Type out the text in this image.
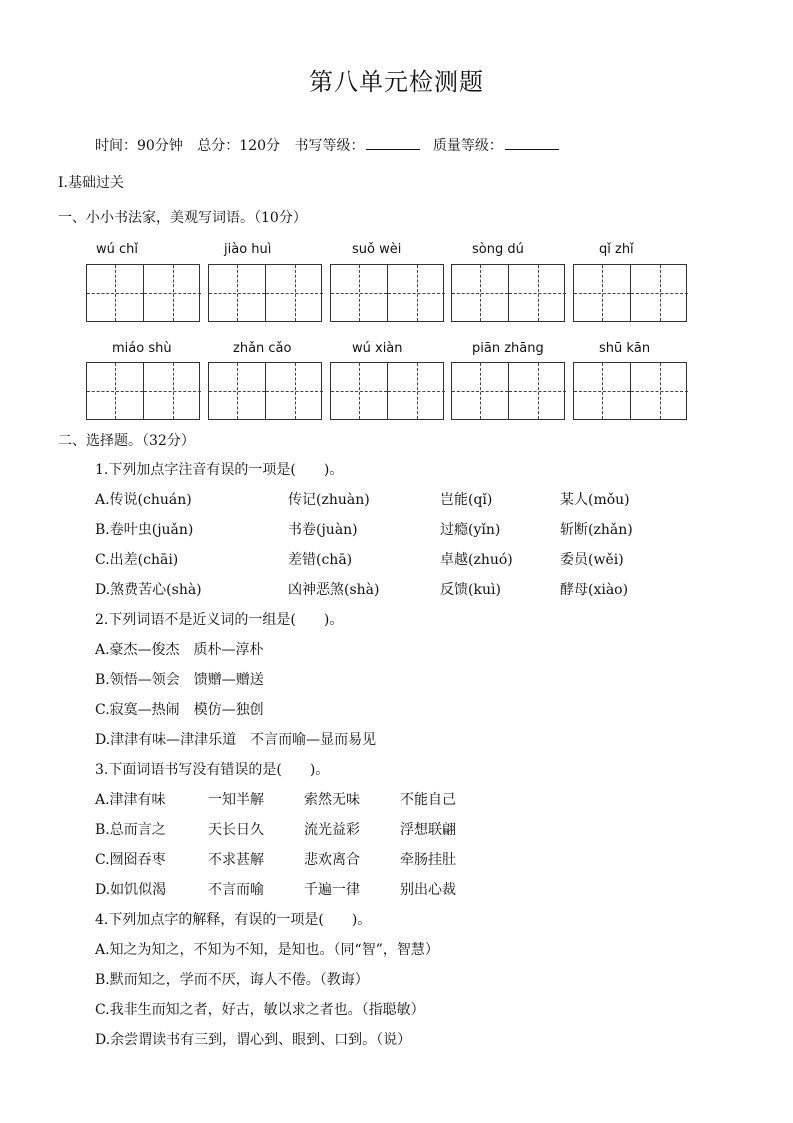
第八单元检测题
时间：90分钟 总分：120分 书写等级：	质量等级：
Ⅰ.基础过关
一、小小书法家，美观写词语。（10分）
wú chǐ	jiào huì	suǒ wèi	sòng dú	qǐ zhǐ
miáo shù	zhǎn cǎo	wú xiàn	piān zhāng	shū kān
二、选择题。（32分）
1.下列加点字注音有误的一项是(　　)。
A.传说(chuán)	传记(zhuàn)	岂能(qǐ)	某人(mǒu)
B.卷叶虫(juǎn)	书卷(juàn)	过瘾(yǐn)	斩断(zhǎn)
C.出差(chāi)	差错(chā)	卓越(zhuó)	委员(wěi)
D.煞费苦心(shà)	凶神恶煞(shà)	反馈(kuì)	酵母(xiào)
2.下列词语不是近义词的一组是(　　)。
A.豪杰—俊杰　质朴—淳朴
B.领悟—领会　馈赠—赠送
C.寂寞—热闹　模仿—独创
D.津津有味—津津乐道　不言而喻—显而易见
3.下面词语书写没有错误的是(　　)。
A.津津有味	一知半解	索然无味	不能自己
B.总而言之	天长日久	流光益彩	浮想联翩
C.囫囵吞枣	不求甚解	悲欢离合	牵肠挂肚
D.如饥似渴	不言而喻	千遍一律	别出心裁
4.下列加点字的解释，有误的一项是(　　)。
A.知之为知之，不知为不知，是知也。（同“智”，智慧）
B.默而知之，学而不厌，诲人不倦。（教诲）
C.我非生而知之者，好古，敏以求之者也。（指聪敏）
D.余尝谓读书有三到，谓心到、眼到、口到。（说）
